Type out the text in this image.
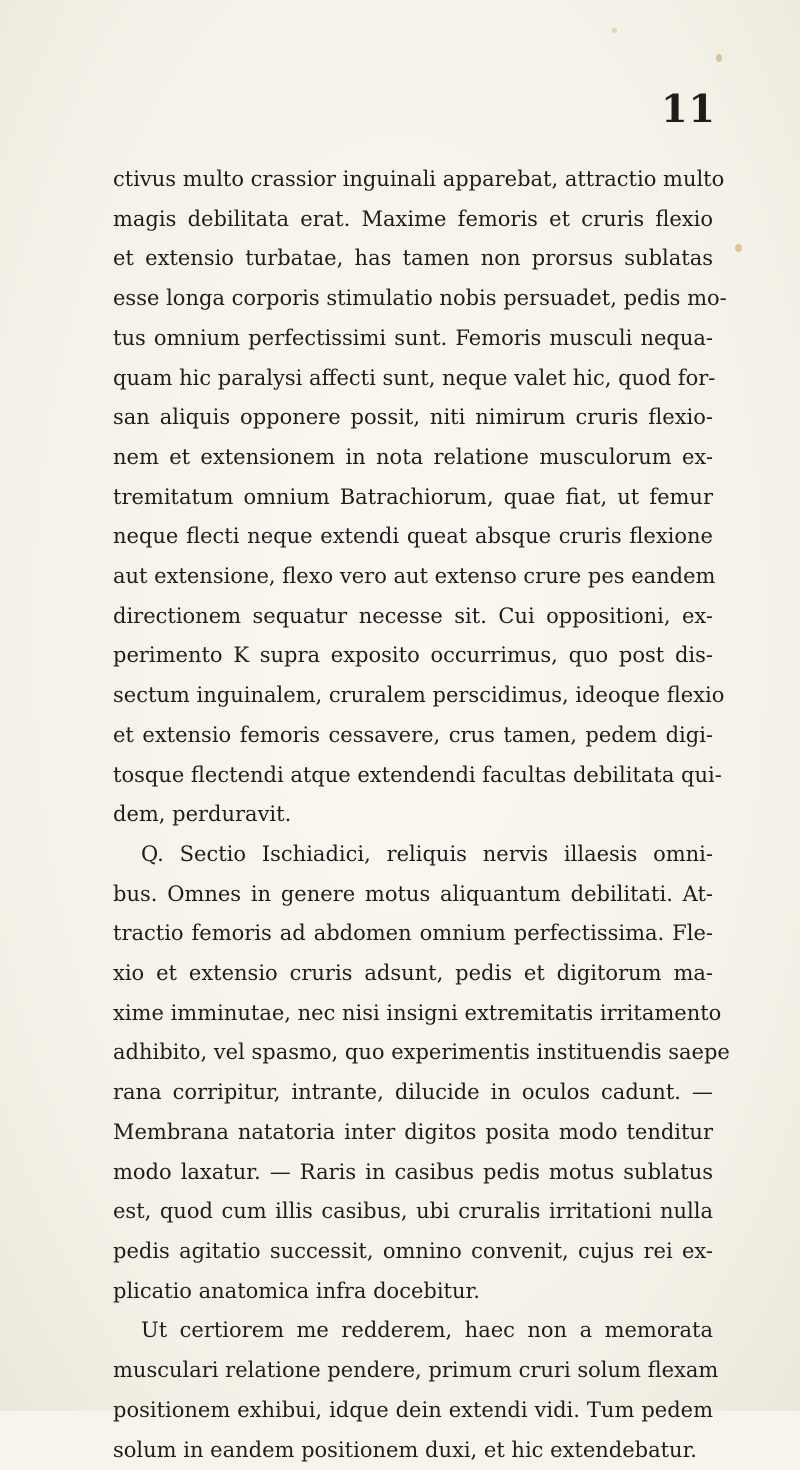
11
ctivus multo crassior inguinali apparebat, attractio multo
magis debilitata erat. Maxime femoris et cruris flexio
et extensio turbatae, has tamen non prorsus sublatas
esse longa corporis stimulatio nobis persuadet, pedis mo-
tus omnium perfectissimi sunt. Femoris musculi nequa-
quam hic paralysi affecti sunt, neque valet hic, quod for-
san aliquis opponere possit, niti nimirum cruris flexio-
nem et extensionem in nota relatione musculorum ex-
tremitatum omnium Batrachiorum, quae fiat, ut femur
neque flecti neque extendi queat absque cruris flexione
aut extensione, flexo vero aut extenso crure pes eandem
directionem sequatur necesse sit. Cui oppositioni, ex-
perimento K supra exposito occurrimus, quo post dis-
sectum inguinalem, cruralem perscidimus, ideoque flexio
et extensio femoris cessavere, crus tamen, pedem digi-
tosque flectendi atque extendendi facultas debilitata qui-
dem, perduravit.
Q. Sectio Ischiadici, reliquis nervis illaesis omni-
bus. Omnes in genere motus aliquantum debilitati. At-
tractio femoris ad abdomen omnium perfectissima. Fle-
xio et extensio cruris adsunt, pedis et digitorum ma-
xime imminutae, nec nisi insigni extremitatis irritamento
adhibito, vel spasmo, quo experimentis instituendis saepe
rana corripitur, intrante, dilucide in oculos cadunt. —
Membrana natatoria inter digitos posita modo tenditur
modo laxatur. — Raris in casibus pedis motus sublatus
est, quod cum illis casibus, ubi cruralis irritationi nulla
pedis agitatio successit, omnino convenit, cujus rei ex-
plicatio anatomica infra docebitur.
Ut certiorem me redderem, haec non a memorata
musculari relatione pendere, primum cruri solum flexam
positionem exhibui, idque dein extendi vidi. Tum pedem
solum in eandem positionem duxi, et hic extendebatur.
